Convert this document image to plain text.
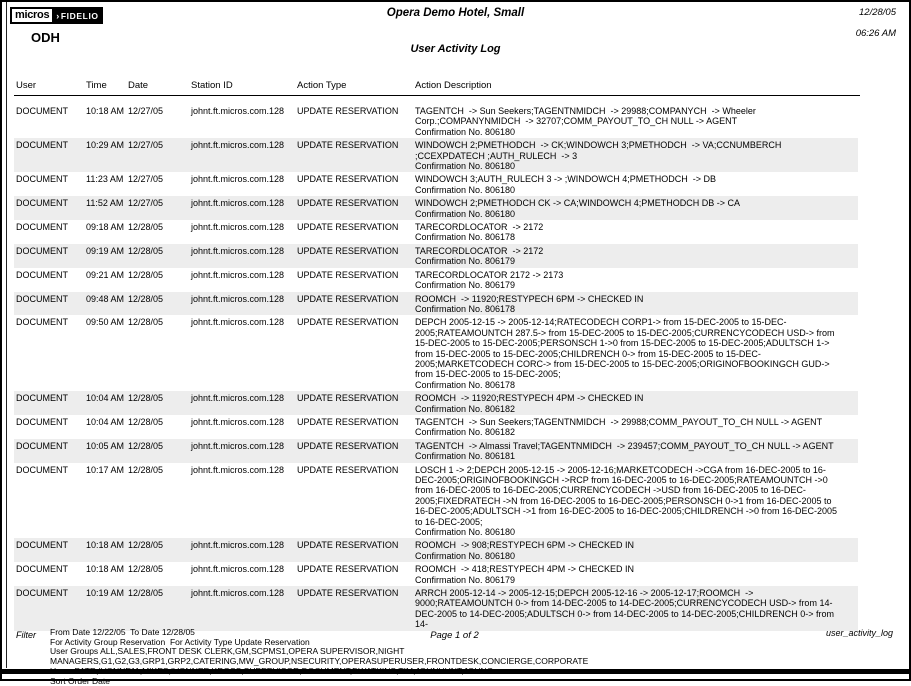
micros › FIDELIO
ODH
Opera Demo Hotel, Small	12/28/05
06:26 AM
User Activity Log
User	Time	Date	Station ID	Action Type	Action Description
DOCUMENT	10:18 AM 12/27/05	johnt.ft.micros.com.128	UPDATE RESERVATION	TAGENTCH  -> Sun Seekers;TAGENTNMIDCH  -> 29988;COMPANYCH  -> Wheeler Corp.;COMPANYNMIDCH  -> 32707;COMM_PAYOUT_TO_CH NULL -> AGENT
Confirmation No. 806180
DOCUMENT	10:29 AM 12/27/05	johnt.ft.micros.com.128	UPDATE RESERVATION	WINDOWCH 2;PMETHODCH  -> CK;WINDOWCH 3;PMETHODCH  -> VA;CCNUMBERCH ;CCEXPDATECH ;AUTH_RULECH  -> 3
Confirmation No. 806180
DOCUMENT	11:23 AM 12/27/05	johnt.ft.micros.com.128	UPDATE RESERVATION	WINDOWCH 3;AUTH_RULECH 3 -> ;WINDOWCH 4;PMETHODCH  -> DB
Confirmation No. 806180
DOCUMENT	11:52 AM 12/27/05	johnt.ft.micros.com.128	UPDATE RESERVATION	WINDOWCH 2;PMETHODCH CK -> CA;WINDOWCH 4;PMETHODCH DB -> CA
Confirmation No. 806180
DOCUMENT	09:18 AM 12/28/05	johnt.ft.micros.com.128	UPDATE RESERVATION	TARECORDLOCATOR  -> 2172
Confirmation No. 806178
DOCUMENT	09:19 AM 12/28/05	johnt.ft.micros.com.128	UPDATE RESERVATION	TARECORDLOCATOR  -> 2172
Confirmation No. 806179
DOCUMENT	09:21 AM 12/28/05	johnt.ft.micros.com.128	UPDATE RESERVATION	TARECORDLOCATOR 2172 -> 2173
Confirmation No. 806179
DOCUMENT	09:48 AM 12/28/05	johnt.ft.micros.com.128	UPDATE RESERVATION	ROOMCH  -> 11920;RESTYPECH 6PM -> CHECKED IN
Confirmation No. 806178
DOCUMENT	09:50 AM 12/28/05	johnt.ft.micros.com.128	UPDATE RESERVATION	DEPCH 2005-12-15 -> 2005-12-14;RATECODECH CORP1-> from 15-DEC-2005 to 15-DEC-2005;RATEAMOUNTCH 287.5-> from 15-DEC-2005 to 15-DEC-2005;CURRENCYCODECH USD-> from 15-DEC-2005 to 15-DEC-2005;PERSONSCH 1->0 from 15-DEC-2005 to 15-DEC-2005;ADULTSCH 1-> from 15-DEC-2005 to 15-DEC-2005;CHILDRENCH 0-> from 15-DEC-2005 to 15-DEC-2005;MARKETCODECH CORC-> from 15-DEC-2005 to 15-DEC-2005;ORIGINOFBOOKINGCH GUD-> from 15-DEC-2005 to 15-DEC-2005;
Confirmation No. 806178
DOCUMENT	10:04 AM 12/28/05	johnt.ft.micros.com.128	UPDATE RESERVATION	ROOMCH  -> 11920;RESTYPECH 4PM -> CHECKED IN
Confirmation No. 806182
DOCUMENT	10:04 AM 12/28/05	johnt.ft.micros.com.128	UPDATE RESERVATION	TAGENTCH  -> Sun Seekers;TAGENTNMIDCH  -> 29988;COMM_PAYOUT_TO_CH NULL -> AGENT
Confirmation No. 806182
DOCUMENT	10:05 AM 12/28/05	johnt.ft.micros.com.128	UPDATE RESERVATION	TAGENTCH  -> Almassi Travel;TAGENTNMIDCH  -> 239457;COMM_PAYOUT_TO_CH NULL -> AGENT
Confirmation No. 806181
DOCUMENT	10:17 AM 12/28/05	johnt.ft.micros.com.128	UPDATE RESERVATION	LOSCH 1 -> 2;DEPCH 2005-12-15 -> 2005-12-16;MARKETCODECH ->CGA from 16-DEC-2005 to 16-DEC-2005;ORIGINOFBOOKINGCH ->RCP from 16-DEC-2005 to 16-DEC-2005;RATEAMOUNTCH ->0 from 16-DEC-2005 to 16-DEC-2005;CURRENCYCODECH ->USD from 16-DEC-2005 to 16-DEC-2005;FIXEDRATECH ->N from 16-DEC-2005 to 16-DEC-2005;PERSONSCH 0->1 from 16-DEC-2005 to 16-DEC-2005;ADULTSCH ->1 from 16-DEC-2005 to 16-DEC-2005;CHILDRENCH ->0 from 16-DEC-2005 to 16-DEC-2005;
Confirmation No. 806180
DOCUMENT	10:18 AM 12/28/05	johnt.ft.micros.com.128	UPDATE RESERVATION	ROOMCH  -> 908;RESTYPECH 6PM -> CHECKED IN
Confirmation No. 806180
DOCUMENT	10:18 AM 12/28/05	johnt.ft.micros.com.128	UPDATE RESERVATION	ROOMCH  -> 418;RESTYPECH 4PM -> CHECKED IN
Confirmation No. 806179
DOCUMENT	10:19 AM 12/28/05	johnt.ft.micros.com.128	UPDATE RESERVATION	ARRCH 2005-12-14 -> 2005-12-15;DEPCH 2005-12-16 -> 2005-12-17;ROOMCH  -> 9000;RATEAMOUNTCH 0-> from 14-DEC-2005 to 14-DEC-2005;CURRENCYCODECH USD-> from 14-DEC-2005 to 14-DEC-2005;ADULTSCH 0-> from 14-DEC-2005 to 14-DEC-2005;CHILDRENCH 0-> from 14-
Filter From Date 12/22/05  To Date 12/28/05
For Activity Group Reservation  For Activity Type Update Reservation
User Groups ALL,SALES,FRONT DESK CLERK,GM,SCPMS1,OPERA SUPERVISOR,NIGHT MANAGERS,G1,G2,G3,GRP1,GRP2,CATERING,MW_GROUP,NSECURITY,OPERASUPERUSER,FRONTDESK,CONCIERGE,CORPORATE
Sort Order Date
Page 1 of 2	user_activity_log
